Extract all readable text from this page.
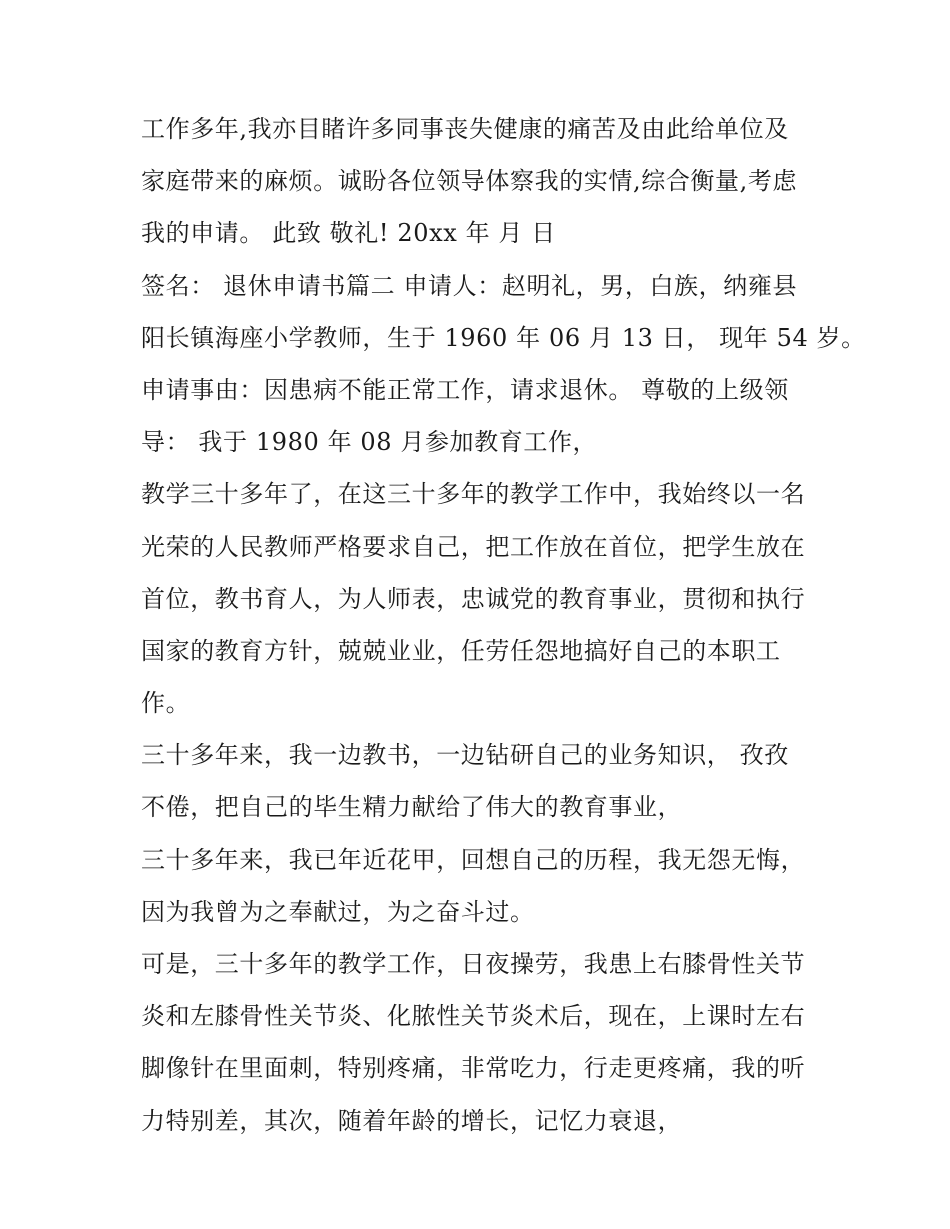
工作多年,我亦目睹许多同事丧失健康的痛苦及由此给单位及
家庭带来的麻烦。诚盼各位领导体察我的实情,综合衡量,考虑
我的申请。 此致 敬礼! 20xx 年 月 日
签名： 退休申请书篇二 申请人：赵明礼，男，白族，纳雍县
阳长镇海座小学教师，生于 1960 年 06 月 13 日， 现年 54 岁。
申请事由：因患病不能正常工作，请求退休。 尊敬的上级领
导： 我于 1980 年 08 月参加教育工作，
教学三十多年了，在这三十多年的教学工作中，我始终以一名
光荣的人民教师严格要求自己，把工作放在首位，把学生放在
首位，教书育人，为人师表，忠诚党的教育事业，贯彻和执行
国家的教育方针，兢兢业业，任劳任怨地搞好自己的本职工
作。
三十多年来，我一边教书，一边钻研自己的业务知识， 孜孜
不倦，把自己的毕生精力献给了伟大的教育事业，
三十多年来，我已年近花甲，回想自己的历程，我无怨无悔，
因为我曾为之奉献过，为之奋斗过。
可是，三十多年的教学工作，日夜操劳，我患上右膝骨性关节
炎和左膝骨性关节炎、化脓性关节炎术后，现在，上课时左右
脚像针在里面刺，特别疼痛，非常吃力，行走更疼痛，我的听
力特别差，其次，随着年龄的增长，记忆力衰退，
